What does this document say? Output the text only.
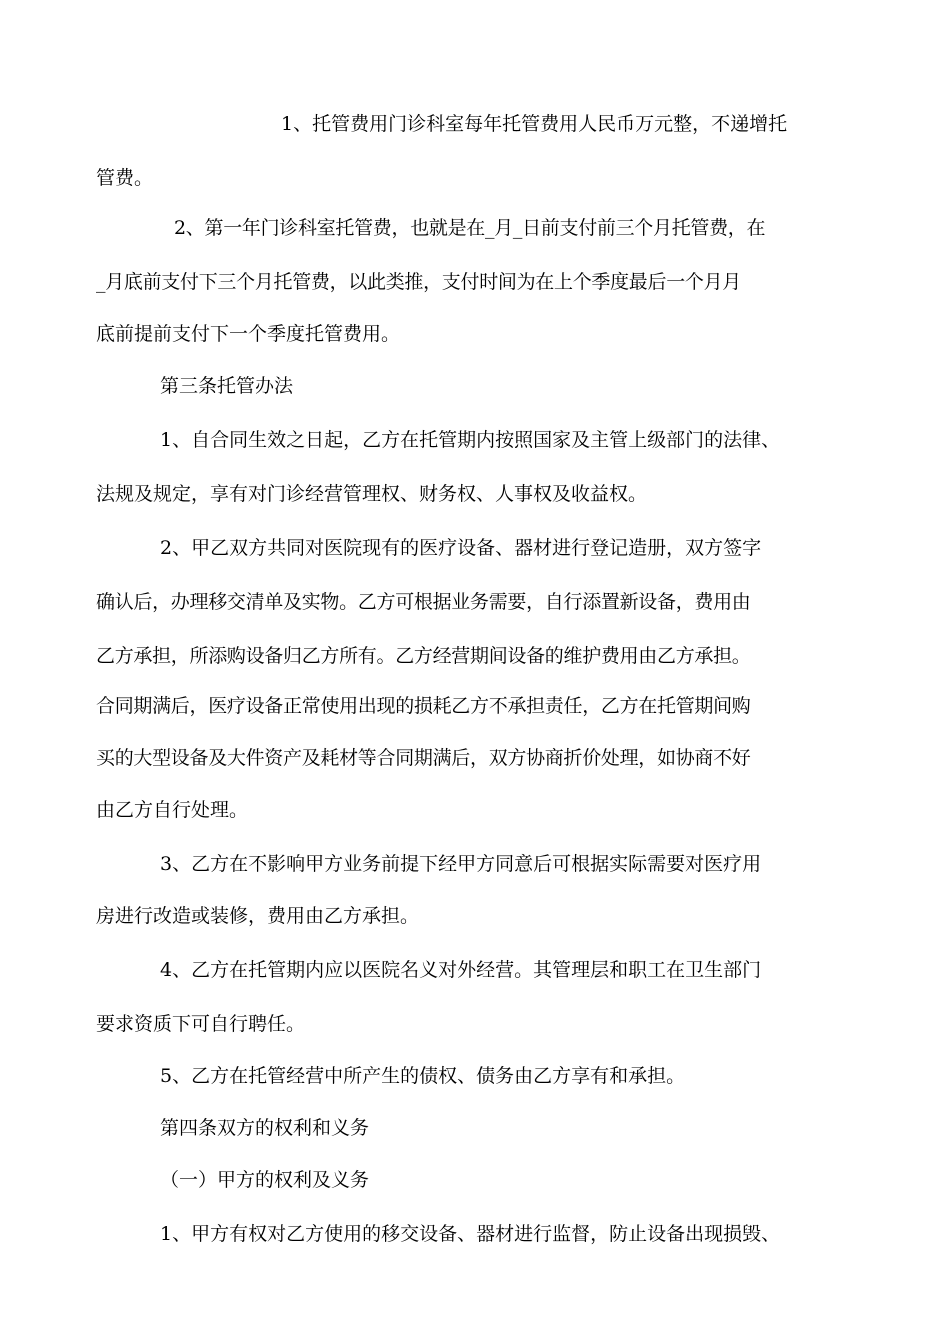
1、托管费用门诊科室每年托管费用人民币万元整，不递增托

管费。

2、第一年门诊科室托管费，也就是在_月_日前支付前三个月托管费，在

_月底前支付下三个月托管费，以此类推，支付时间为在上个季度最后一个月月

底前提前支付下一个季度托管费用。

第三条托管办法

1、自合同生效之日起，乙方在托管期内按照国家及主管上级部门的法律、

法规及规定，享有对门诊经营管理权、财务权、人事权及收益权。

2、甲乙双方共同对医院现有的医疗设备、器材进行登记造册，双方签字

确认后，办理移交清单及实物。乙方可根据业务需要，自行添置新设备，费用由

乙方承担，所添购设备归乙方所有。乙方经营期间设备的维护费用由乙方承担。

合同期满后，医疗设备正常使用出现的损耗乙方不承担责任，乙方在托管期间购

买的大型设备及大件资产及耗材等合同期满后，双方协商折价处理，如协商不好

由乙方自行处理。

3、乙方在不影响甲方业务前提下经甲方同意后可根据实际需要对医疗用

房进行改造或装修，费用由乙方承担。

4、乙方在托管期内应以医院名义对外经营。其管理层和职工在卫生部门

要求资质下可自行聘任。

5、乙方在托管经营中所产生的债权、债务由乙方享有和承担。

第四条双方的权利和义务

（一）甲方的权利及义务

1、甲方有权对乙方使用的移交设备、器材进行监督，防止设备出现损毁、
